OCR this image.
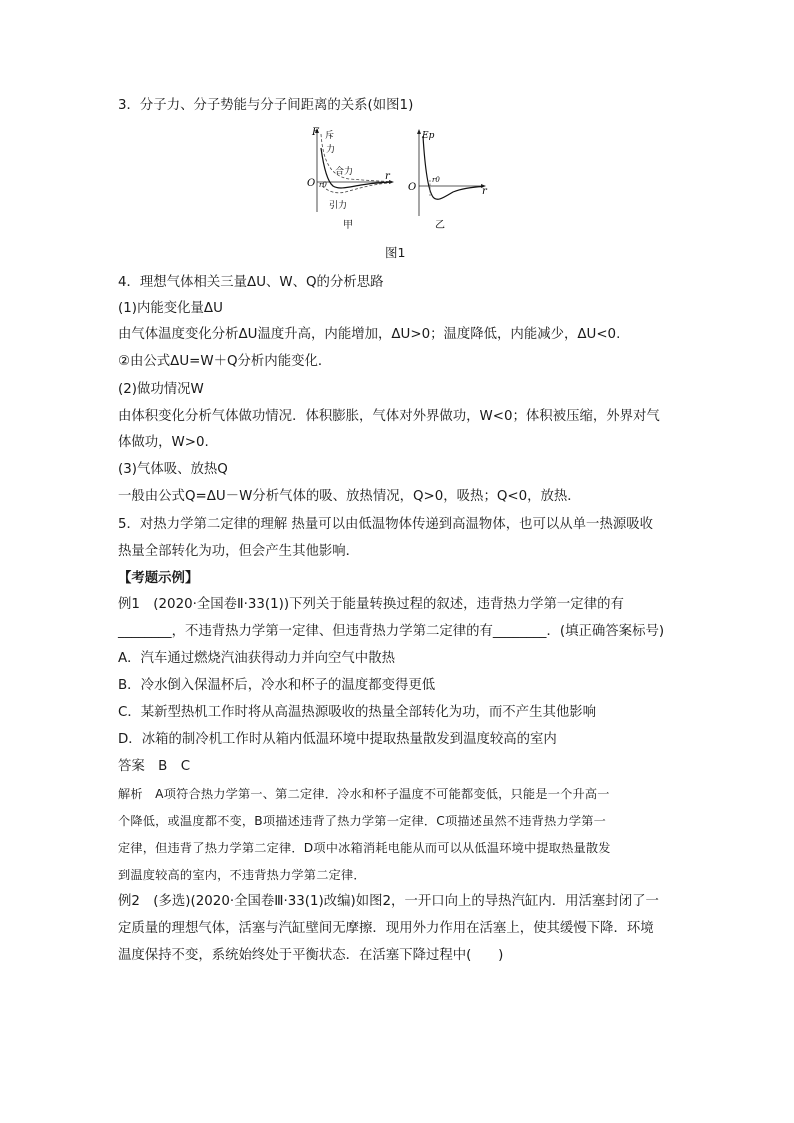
3．分子力、分子势能与分子间距离的关系(如图1)
F 斥
力
合力
O r0
r
引力
甲
Ep
O
r0
r
乙
图1
4．理想气体相关三量ΔU、W、Q的分析思路
(1)内能变化量ΔU
由气体温度变化分析ΔU温度升高，内能增加，ΔU>0；温度降低，内能减少，ΔU<0.
②由公式ΔU=W＋Q分析内能变化．
(2)做功情况W
由体积变化分析气体做功情况．体积膨胀，气体对外界做功，W<0；体积被压缩，外界对气
体做功，W>0.
(3)气体吸、放热Q
一般由公式Q=ΔU－W分析气体的吸、放热情况，Q>0，吸热；Q<0，放热．
5．对热力学第二定律的理解 热量可以由低温物体传递到高温物体，也可以从单一热源吸收
热量全部转化为功，但会产生其他影响．
【考题示例】
例1　(2020·全国卷Ⅱ·33(1))下列关于能量转换过程的叙述，违背热力学第一定律的有
________，不违背热力学第一定律、但违背热力学第二定律的有________．(填正确答案标号)
A．汽车通过燃烧汽油获得动力并向空气中散热
B．冷水倒入保温杯后，冷水和杯子的温度都变得更低
C．某新型热机工作时将从高温热源吸收的热量全部转化为功，而不产生其他影响
D．冰箱的制冷机工作时从箱内低温环境中提取热量散发到温度较高的室内
答案　B　C
解析　A项符合热力学第一、第二定律．冷水和杯子温度不可能都变低，只能是一个升高一
个降低，或温度都不变，B项描述违背了热力学第一定律．C项描述虽然不违背热力学第一
定律，但违背了热力学第二定律．D项中冰箱消耗电能从而可以从低温环境中提取热量散发
到温度较高的室内，不违背热力学第二定律．
例2　(多选)(2020·全国卷Ⅲ·33(1)改编)如图2，一开口向上的导热汽缸内．用活塞封闭了一
定质量的理想气体，活塞与汽缸壁间无摩擦．现用外力作用在活塞上，使其缓慢下降．环境
温度保持不变，系统始终处于平衡状态．在活塞下降过程中(　　)
